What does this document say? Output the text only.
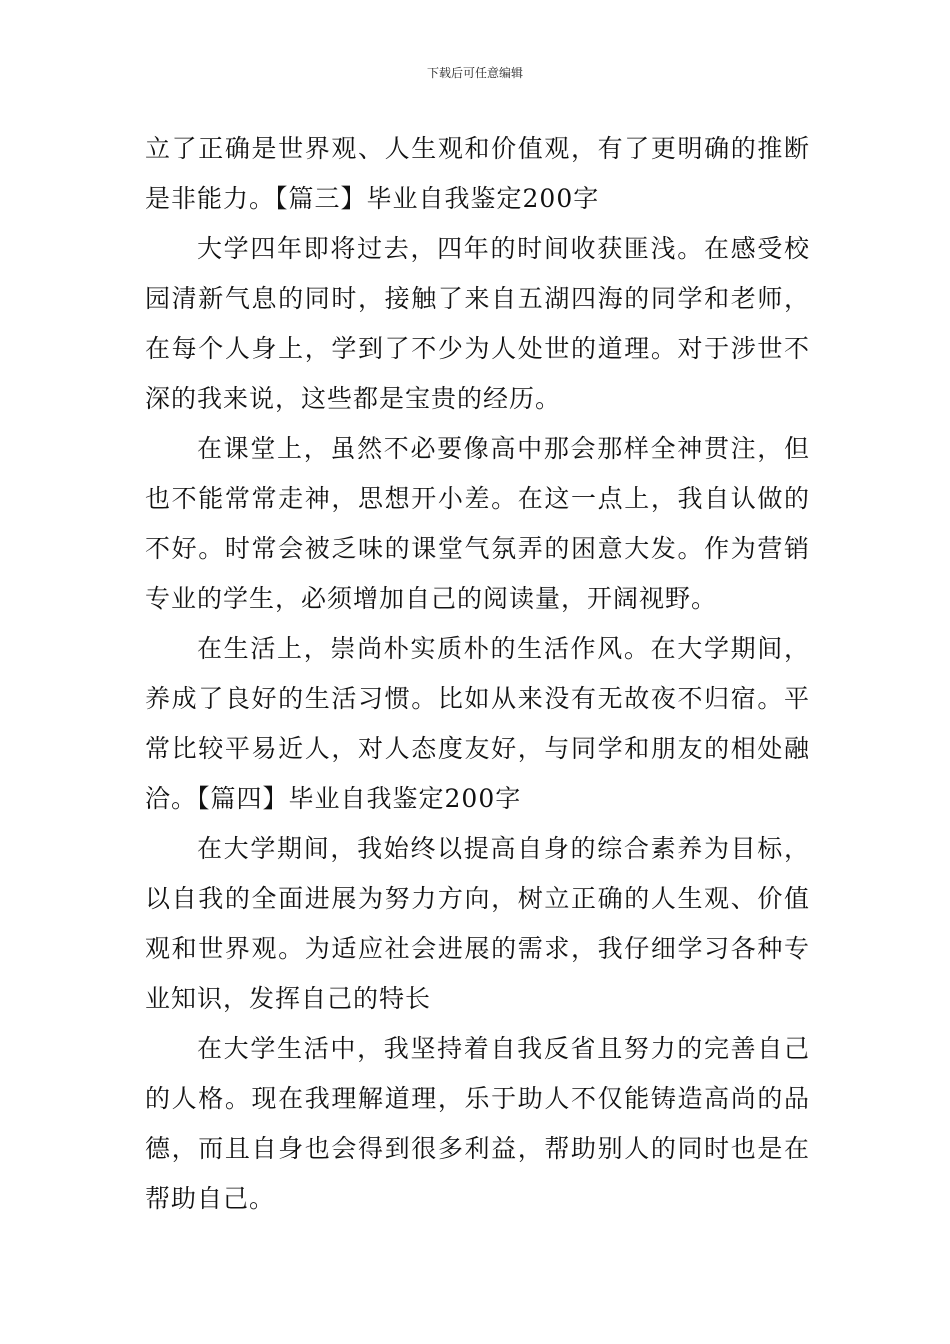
下载后可任意编辑

立了正确是世界观、人生观和价值观，有了更明确的推断是非能力。【篇三】毕业自我鉴定200字

大学四年即将过去，四年的时间收获匪浅。在感受校园清新气息的同时，接触了来自五湖四海的同学和老师，在每个人身上，学到了不少为人处世的道理。对于涉世不深的我来说，这些都是宝贵的经历。

在课堂上，虽然不必要像高中那会那样全神贯注，但也不能常常走神，思想开小差。在这一点上，我自认做的不好。时常会被乏味的课堂气氛弄的困意大发。作为营销专业的学生，必须增加自己的阅读量，开阔视野。

在生活上，崇尚朴实质朴的生活作风。在大学期间，养成了良好的生活习惯。比如从来没有无故夜不归宿。平常比较平易近人，对人态度友好，与同学和朋友的相处融洽。【篇四】毕业自我鉴定200字

在大学期间，我始终以提高自身的综合素养为目标，以自我的全面进展为努力方向，树立正确的人生观、价值观和世界观。为适应社会进展的需求，我仔细学习各种专业知识，发挥自己的特长

在大学生活中，我坚持着自我反省且努力的完善自己的人格。现在我理解道理，乐于助人不仅能铸造高尚的品德，而且自身也会得到很多利益，帮助别人的同时也是在帮助自己。
